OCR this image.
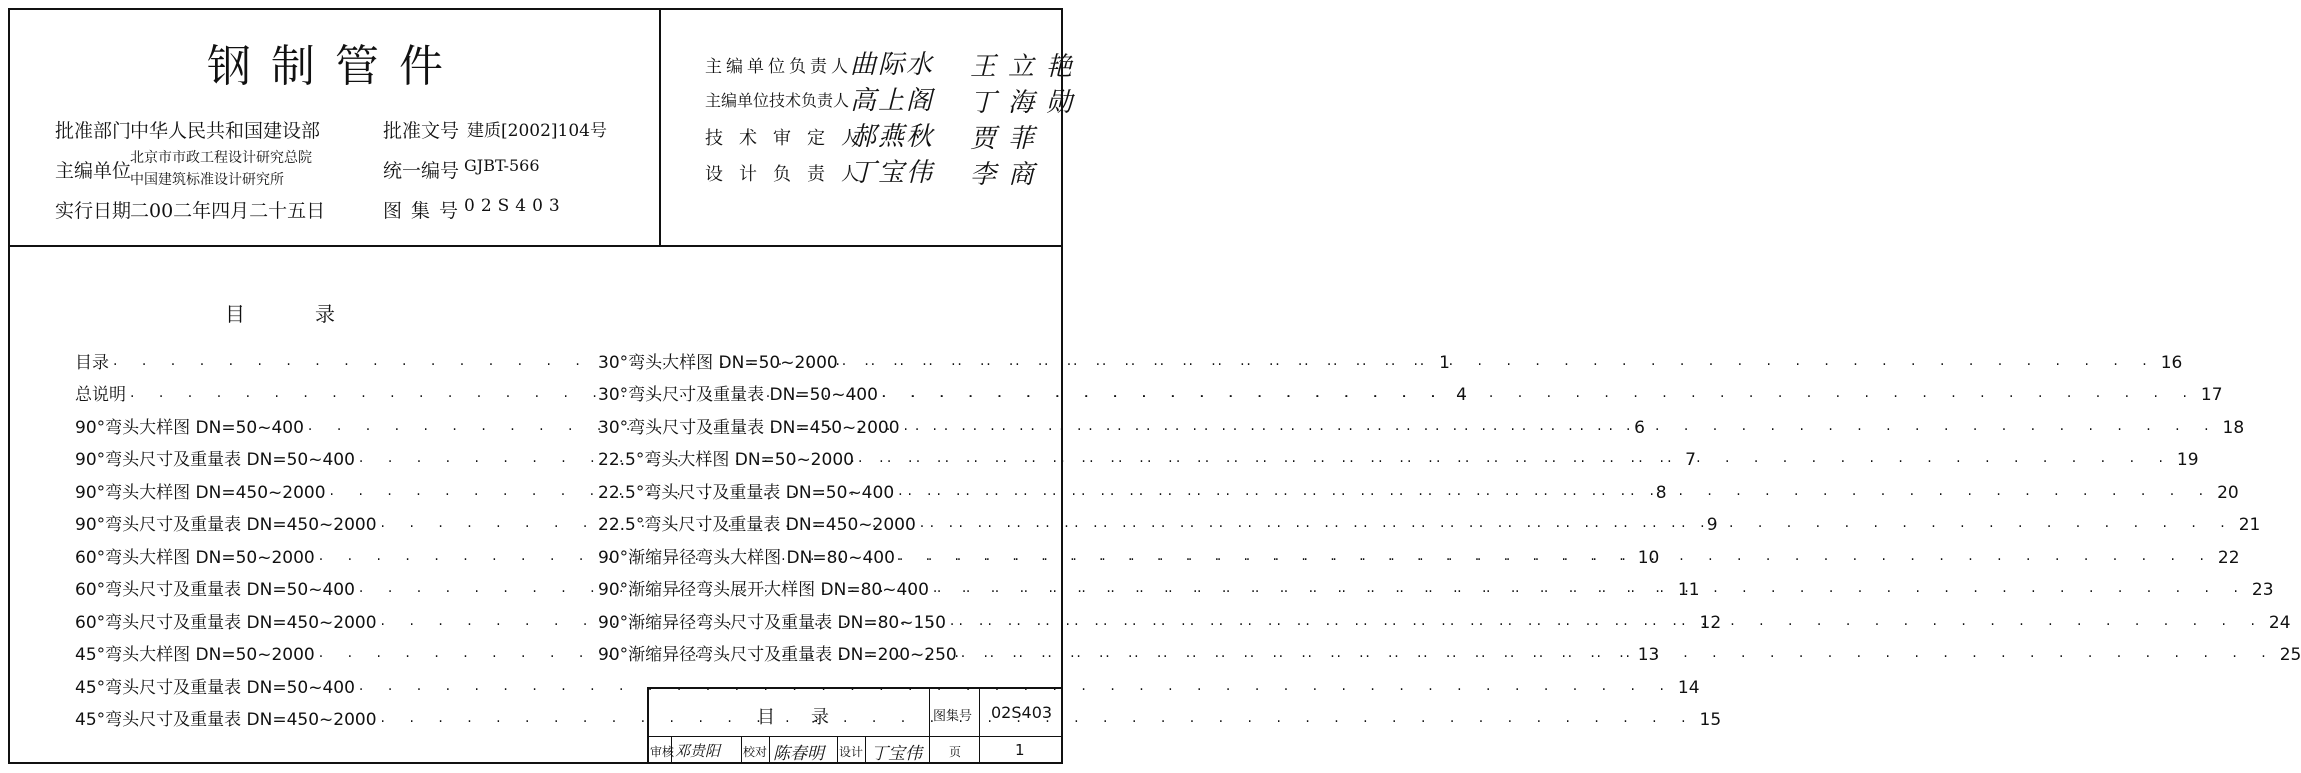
钢制管件
批准部门
中华人民共和国建设部
主编单位
北京市市政工程设计研究总院
中国建筑标准设计研究所
实行日期
二00二年四月二十五日
批准文号 建质[2002]104号
统一编号 GJBT-566
图集号
02S403
主编单位负责人
曲际水 王立艳
主编单位技术负责人 高上阁 丁海勋
技术审定人
郝燕秋 贾菲
设计负责人
丁宝伟 李商
目	录
目录 · · ·	1
总说明 · · ·	4
90°弯头大样图 DN=50~400 · · ·	6
90°弯头尺寸及重量表 DN=50~400 · · ·	7
90°弯头大样图 DN=450~2000 · · ·	8
90°弯头尺寸及重量表 DN=450~2000 · · ·	9
60°弯头大样图 DN=50~2000 · · ·	10
60°弯头尺寸及重量表 DN=50~400 · · ·	11
60°弯头尺寸及重量表 DN=450~2000 · · ·	12
45°弯头大样图 DN=50~2000 · · ·	13
45°弯头尺寸及重量表 DN=50~400 · · ·	14
45°弯头尺寸及重量表 DN=450~2000 · · ·	15
30°弯头大样图 DN=50~2000 · · ·	16
30°弯头尺寸及重量表 DN=50~400 · · ·	17
30°弯头尺寸及重量表 DN=450~2000 · · ·	18
22.5°弯头大样图 DN=50~2000 · · ·	19
22.5°弯头尺寸及重量表 DN=50~400 · · ·	20
22.5°弯头尺寸及重量表 DN=450~2000 · · ·	21
90°渐缩异径弯头大样图 DN=80~400 · · ·	22
90°渐缩异径弯头展开大样图 DN=80~400 · · ·	23
90°渐缩异径弯头尺寸及重量表 DN=80~150 · · ·	24
90°渐缩异径弯头尺寸及重量表 DN=200~250 · · ·	25
目 录	图集号 02S403
审核 邓贵阳 校对 陈春明 设计 丁宝伟 页	1
